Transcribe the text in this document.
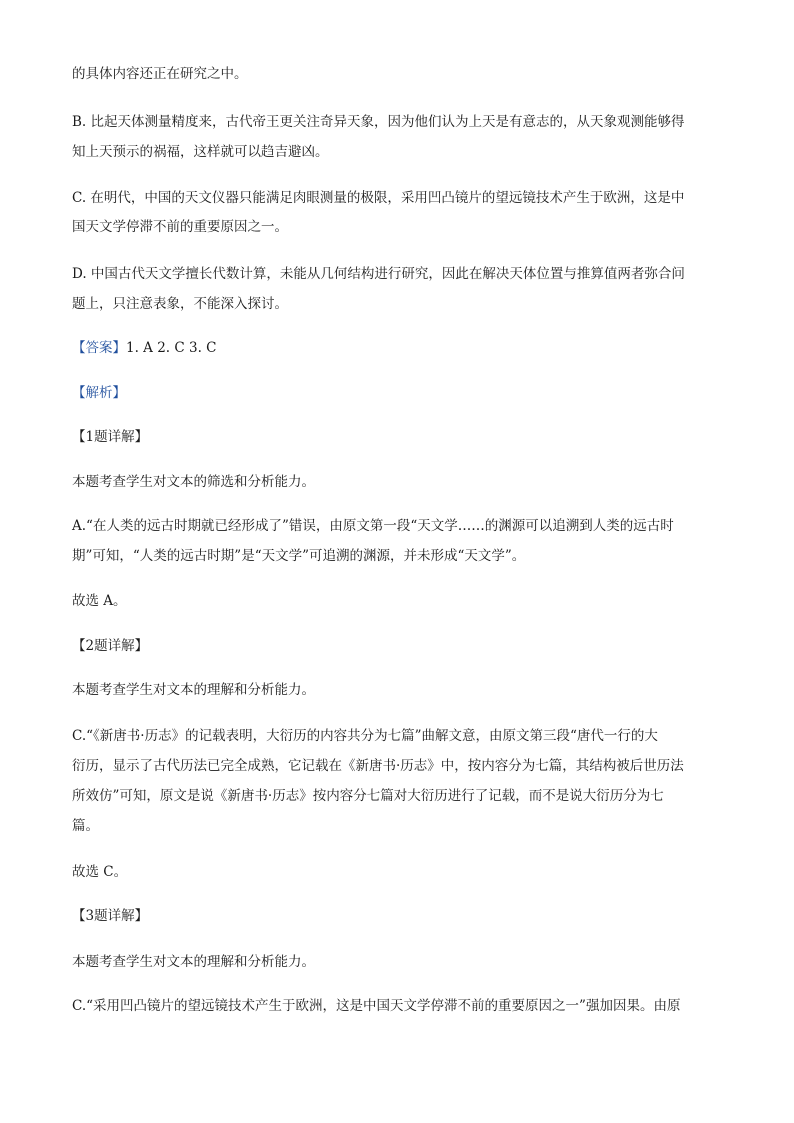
的具体内容还正在研究之中。
B. 比起天体测量精度来，古代帝王更关注奇异天象，因为他们认为上天是有意志的，从天象观测能够得
知上天预示的祸福，这样就可以趋吉避凶。
C. 在明代，中国的天文仪器只能满足肉眼测量的极限，采用凹凸镜片的望远镜技术产生于欧洲，这是中
国天文学停滞不前的重要原因之一。
D. 中国古代天文学擅长代数计算，未能从几何结构进行研究，因此在解决天体位置与推算值两者弥合问
题上，只注意表象，不能深入探讨。
【答案】1. A 2. C 3. C
【解析】
【1题详解】
本题考查学生对文本的筛选和分析能力。
A.“在人类的远古时期就已经形成了”错误，由原文第一段“天文学……的渊源可以追溯到人类的远古时
期”可知，“人类的远古时期”是“天文学”可追溯的渊源，并未形成“天文学”。
故选 A。
【2题详解】
本题考查学生对文本的理解和分析能力。
C.“《新唐书·历志》的记载表明，大衍历的内容共分为七篇”曲解文意，由原文第三段“唐代一行的大
衍历，显示了古代历法已完全成熟，它记载在《新唐书·历志》中，按内容分为七篇，其结构被后世历法
所效仿”可知，原文是说《新唐书·历志》按内容分七篇对大衍历进行了记载，而不是说大衍历分为七
篇。
故选 C。
【3题详解】
本题考查学生对文本的理解和分析能力。
C.“采用凹凸镜片的望远镜技术产生于欧洲，这是中国天文学停滞不前的重要原因之一”强加因果。由原
